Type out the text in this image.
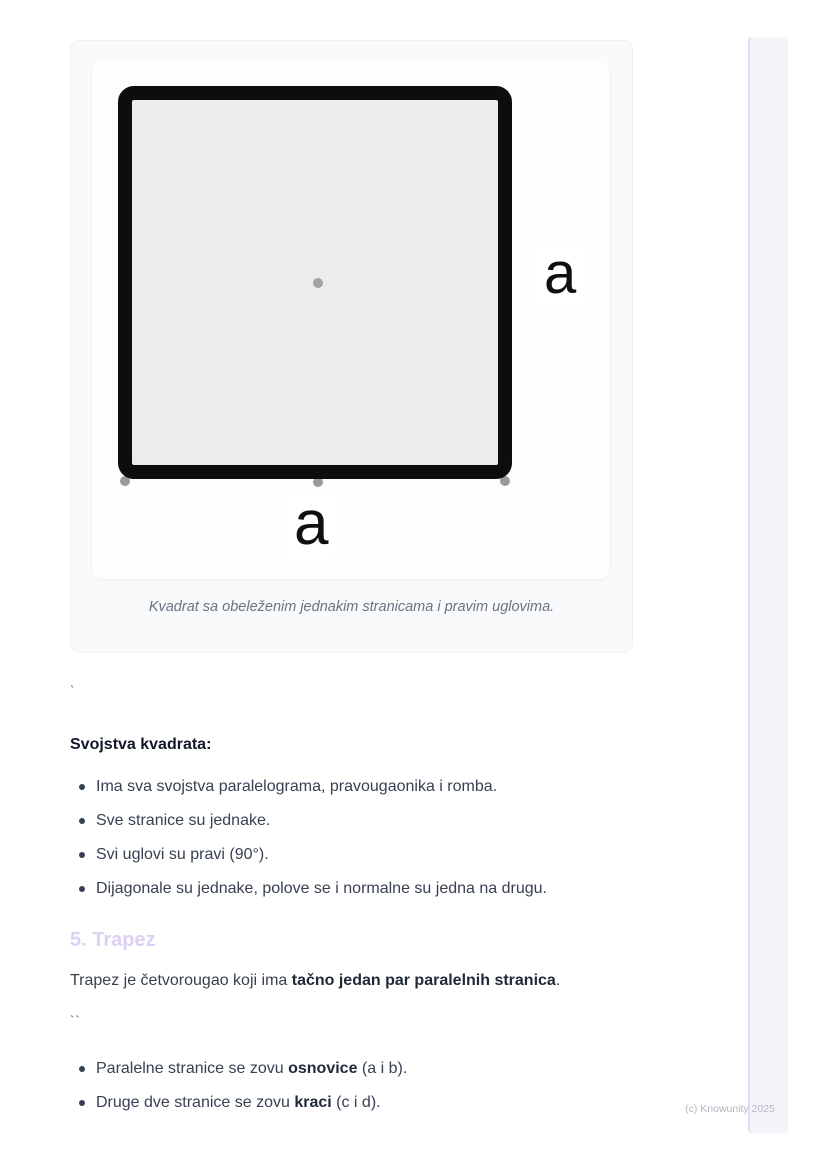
a
a
Kvadrat sa obeleženim jednakim stranicama i pravim uglovima.
`
Svojstva kvadrata:
Ima sva svojstva paralelograma, pravougaonika i romba.
Sve stranice su jednake.
Svi uglovi su pravi (90°).
Dijagonale su jednake, polove se i normalne su jedna na drugu.
5. Trapez
Trapez je četvorougao koji ima tačno jedan par paralelnih stranica.
``
Paralelne stranice se zovu osnovice (a i b).
Druge dve stranice se zovu kraci (c i d).	(c) Knowunity 2025
